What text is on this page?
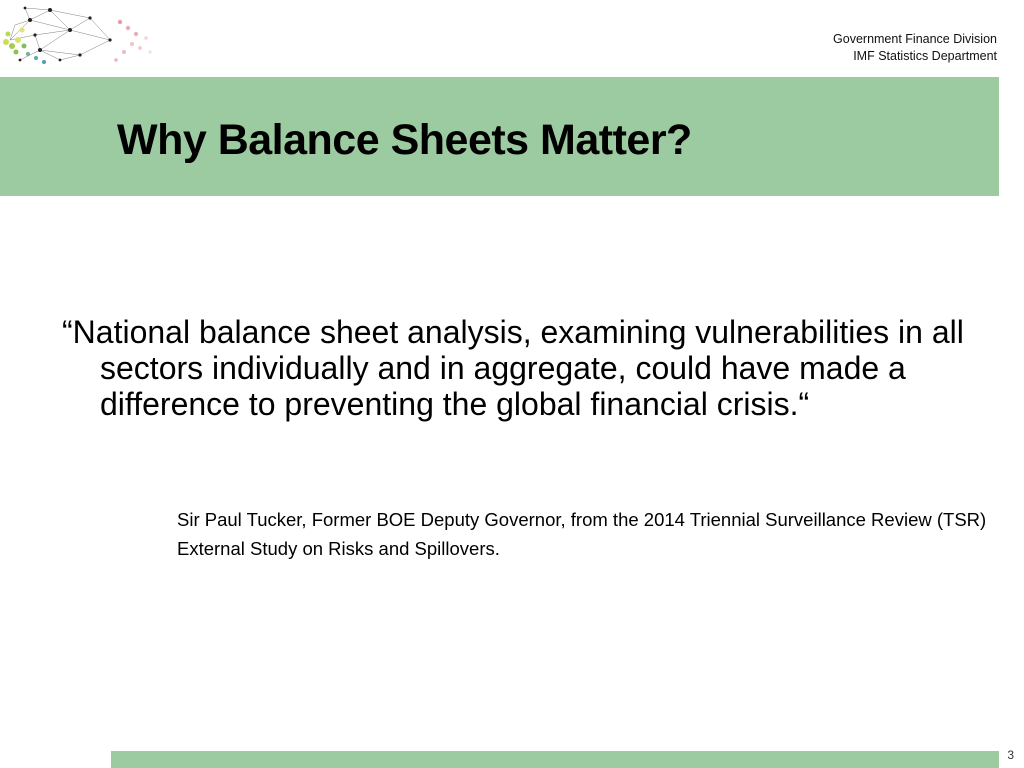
Government Finance Division
IMF Statistics Department
Why Balance Sheets Matter?

“National balance sheet analysis, examining vulnerabilities in all sectors individually and in aggregate, could have made a difference to preventing the global financial crisis.“

Sir Paul Tucker, Former BOE Deputy Governor, from the 2014 Triennial Surveillance Review (TSR) External Study on Risks and Spillovers.

3
